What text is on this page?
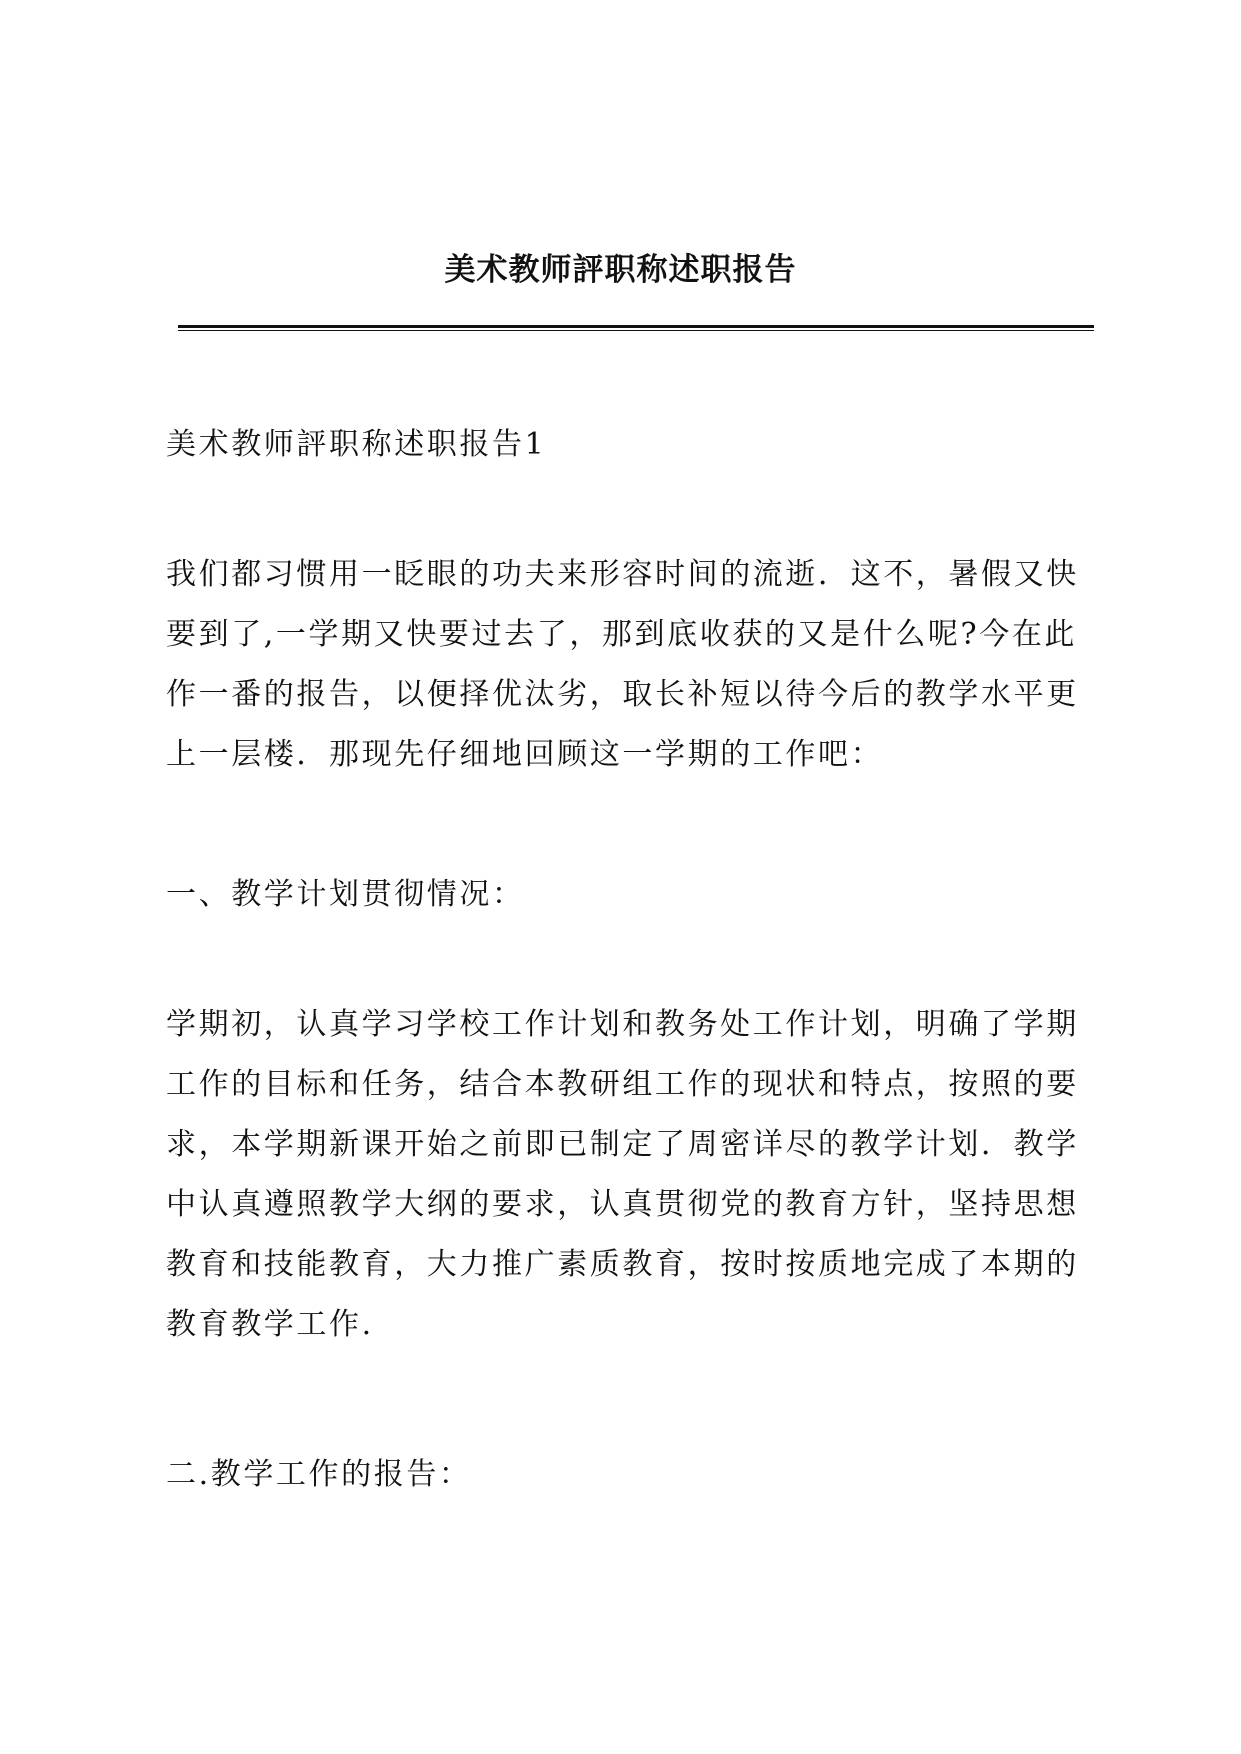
美术教师評职称述职报告

美术教师評职称述职报告1

我们都习惯用一眨眼的功夫来形容时间的流逝．这不，暑假又快
要到了,一学期又快要过去了，那到底收获的又是什么呢?今在此
作一番的报告，以便择优汰劣，取长补短以待今后的教学水平更
上一层楼．那现先仔细地回顾这一学期的工作吧：

一、教学计划贯彻情况：

学期初，认真学习学校工作计划和教务处工作计划，明确了学期
工作的目标和任务，结合本教研组工作的现状和特点，按照的要
求，本学期新课开始之前即已制定了周密详尽的教学计划．教学
中认真遵照教学大纲的要求，认真贯彻党的教育方针，坚持思想
教育和技能教育，大力推广素质教育，按时按质地完成了本期的
教育教学工作.

二.教学工作的报告：
